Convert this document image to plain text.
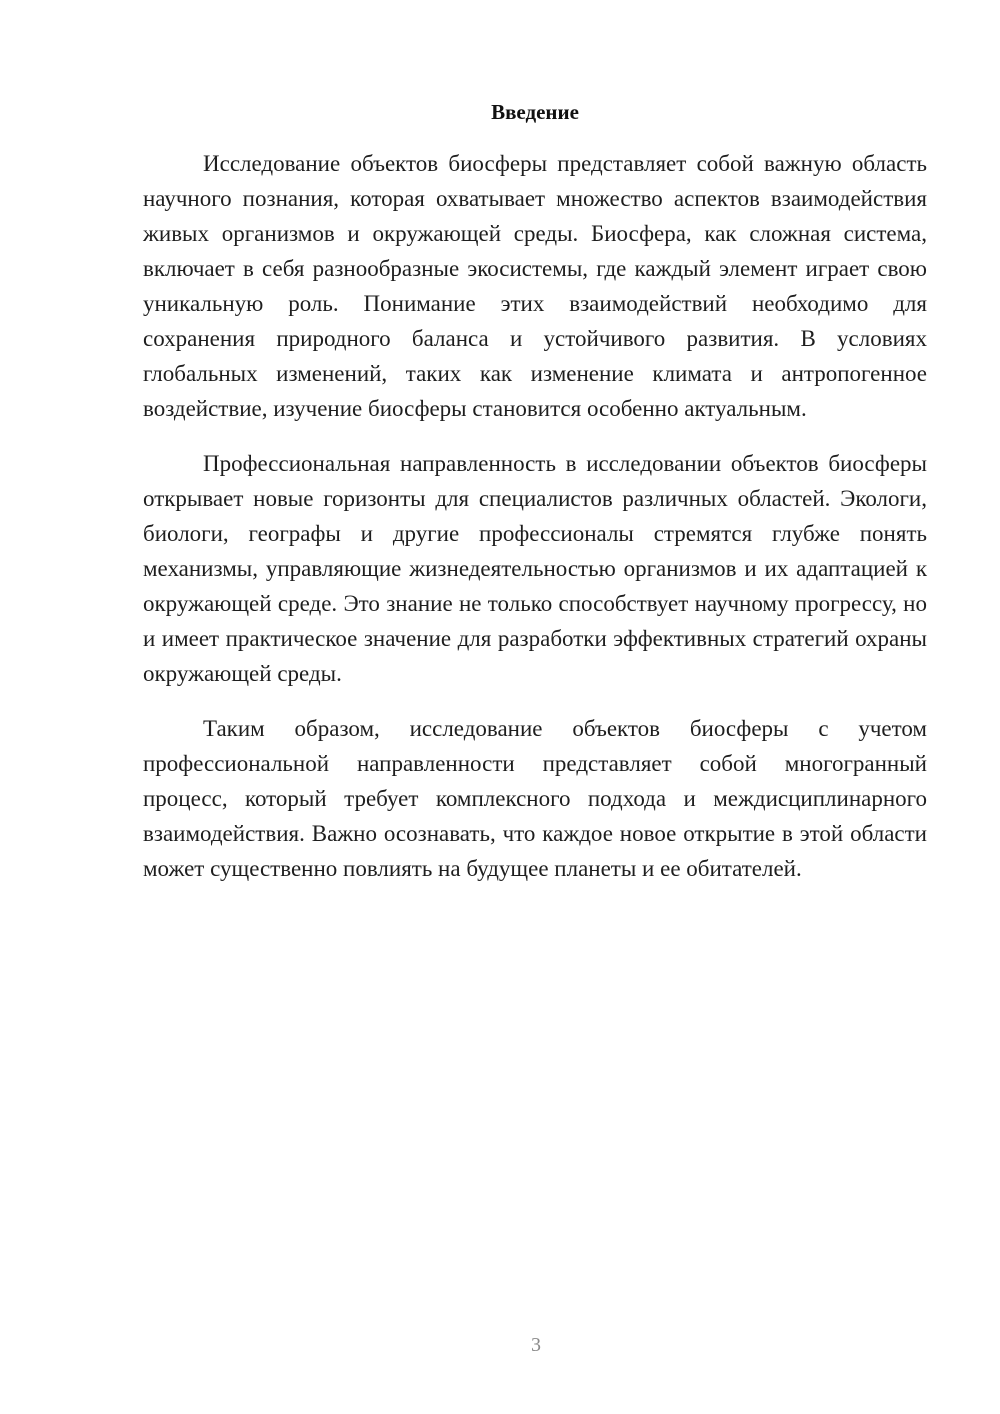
Введение

Исследование объектов биосферы представляет собой важную область научного познания, которая охватывает множество аспектов взаимодействия живых организмов и окружающей среды. Биосфера, как сложная система, включает в себя разнообразные экосистемы, где каждый элемент играет свою уникальную роль. Понимание этих взаимодействий необходимо для сохранения природного баланса и устойчивого развития. В условиях глобальных изменений, таких как изменение климата и антропогенное воздействие, изучение биосферы становится особенно актуальным.

Профессиональная направленность в исследовании объектов биосферы открывает новые горизонты для специалистов различных областей. Экологи, биологи, географы и другие профессионалы стремятся глубже понять механизмы, управляющие жизнедеятельностью организмов и их адаптацией к окружающей среде. Это знание не только способствует научному прогрессу, но и имеет практическое значение для разработки эффективных стратегий охраны окружающей среды.

Таким образом, исследование объектов биосферы с учетом профессиональной направленности представляет собой многогранный процесс, который требует комплексного подхода и междисциплинарного взаимодействия. Важно осознавать, что каждое новое открытие в этой области может существенно повлиять на будущее планеты и ее обитателей.

3
